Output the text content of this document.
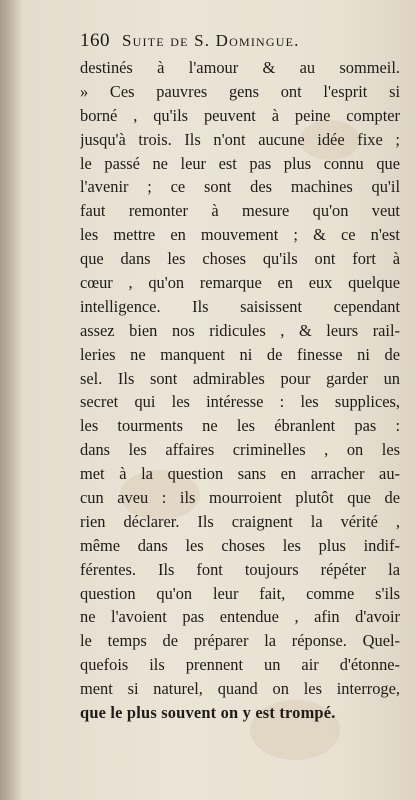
160 Suite de S. Domingue.
destinés à l'amour & au sommeil.
» Ces pauvres gens ont l'esprit si
borné , qu'ils peuvent à peine compter
jusqu'à trois. Ils n'ont aucune idée fixe ;
le passé ne leur est pas plus connu que
l'avenir ; ce sont des machines qu'il
faut remonter à mesure qu'on veut
les mettre en mouvement ; & ce n'est
que dans les choses qu'ils ont fort à
cœur , qu'on remarque en eux quelque
intelligence. Ils saisissent cependant
assez bien nos ridicules , & leurs rail-
leries ne manquent ni de finesse ni de
sel. Ils sont admirables pour garder un
secret qui les intéresse : les supplices,
les tourments ne les ébranlent pas :
dans les affaires criminelles , on les
met à la question sans en arracher au-
cun aveu : ils mourroient plutôt que de
rien déclarer. Ils craignent la vérité ,
même dans les choses les plus indif-
férentes. Ils font toujours répéter la
question qu'on leur fait, comme s'ils
ne l'avoient pas entendue , afin d'avoir
le temps de préparer la réponse. Quel-
quefois ils prennent un air d'étonne-
ment si naturel, quand on les interroge,
que le plus souvent on y est trompé.
